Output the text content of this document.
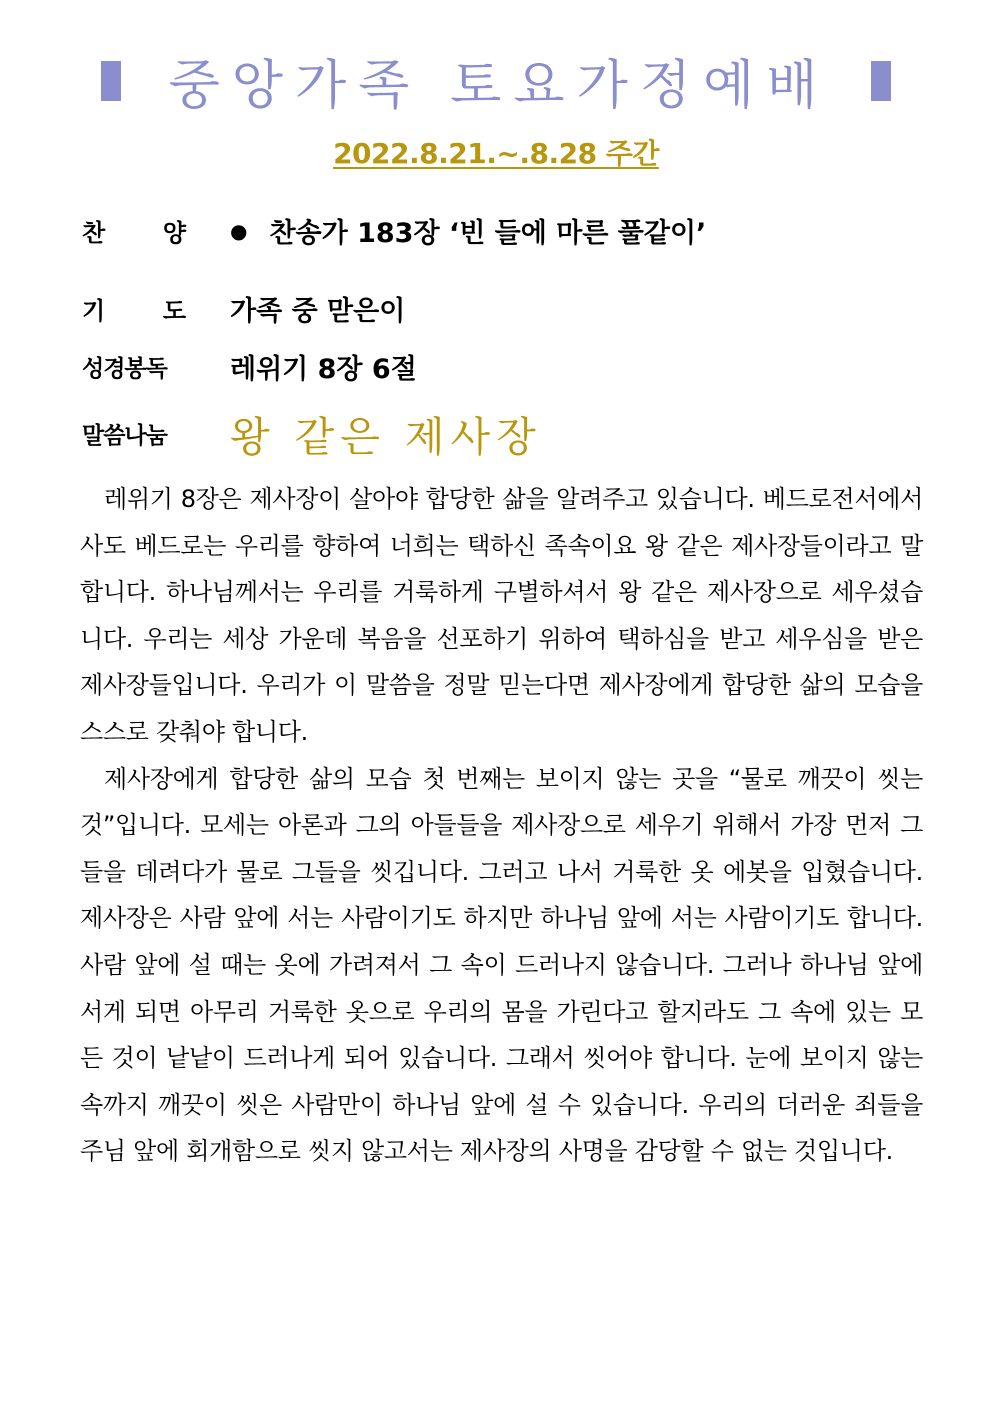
중앙가족 토요가정예배
2022.8.21.~.8.28 주간
찬 양 ● 찬송가 183장 ‘빈 들에 마른 풀같이’
기 도 가족 중 맏은이
성경봉독	레위기 8장 6절
말씀나눔	왕 같은 제사장

레위기 8장은 제사장이 살아야 합당한 삶을 알려주고 있습니다. 베드로전서에서 사도 베드로는 우리를 향하여 너희는 택하신 족속이요 왕 같은 제사장들이라고 말합니다. 하나님께서는 우리를 거룩하게 구별하셔서 왕 같은 제사장으로 세우셨습니다. 우리는 세상 가운데 복음을 선포하기 위하여 택하심을 받고 세우심을 받은 제사장들입니다. 우리가 이 말씀을 정말 믿는다면 제사장에게 합당한 삶의 모습을 스스로 갖춰야 합니다.

제사장에게 합당한 삶의 모습 첫 번째는 보이지 않는 곳을 “물로 깨끗이 씻는 것”입니다. 모세는 아론과 그의 아들들을 제사장으로 세우기 위해서 가장 먼저 그들을 데려다가 물로 그들을 씻깁니다. 그러고 나서 거룩한 옷 에봇을 입혔습니다. 제사장은 사람 앞에 서는 사람이기도 하지만 하나님 앞에 서는 사람이기도 합니다. 사람 앞에 설 때는 옷에 가려져서 그 속이 드러나지 않습니다. 그러나 하나님 앞에 서게 되면 아무리 거룩한 옷으로 우리의 몸을 가린다고 할지라도 그 속에 있는 모든 것이 낱낱이 드러나게 되어 있습니다. 그래서 씻어야 합니다. 눈에 보이지 않는 속까지 깨끗이 씻은 사람만이 하나님 앞에 설 수 있습니다. 우리의 더러운 죄들을 주님 앞에 회개함으로 씻지 않고서는 제사장의 사명을 감당할 수 없는 것입니다.
